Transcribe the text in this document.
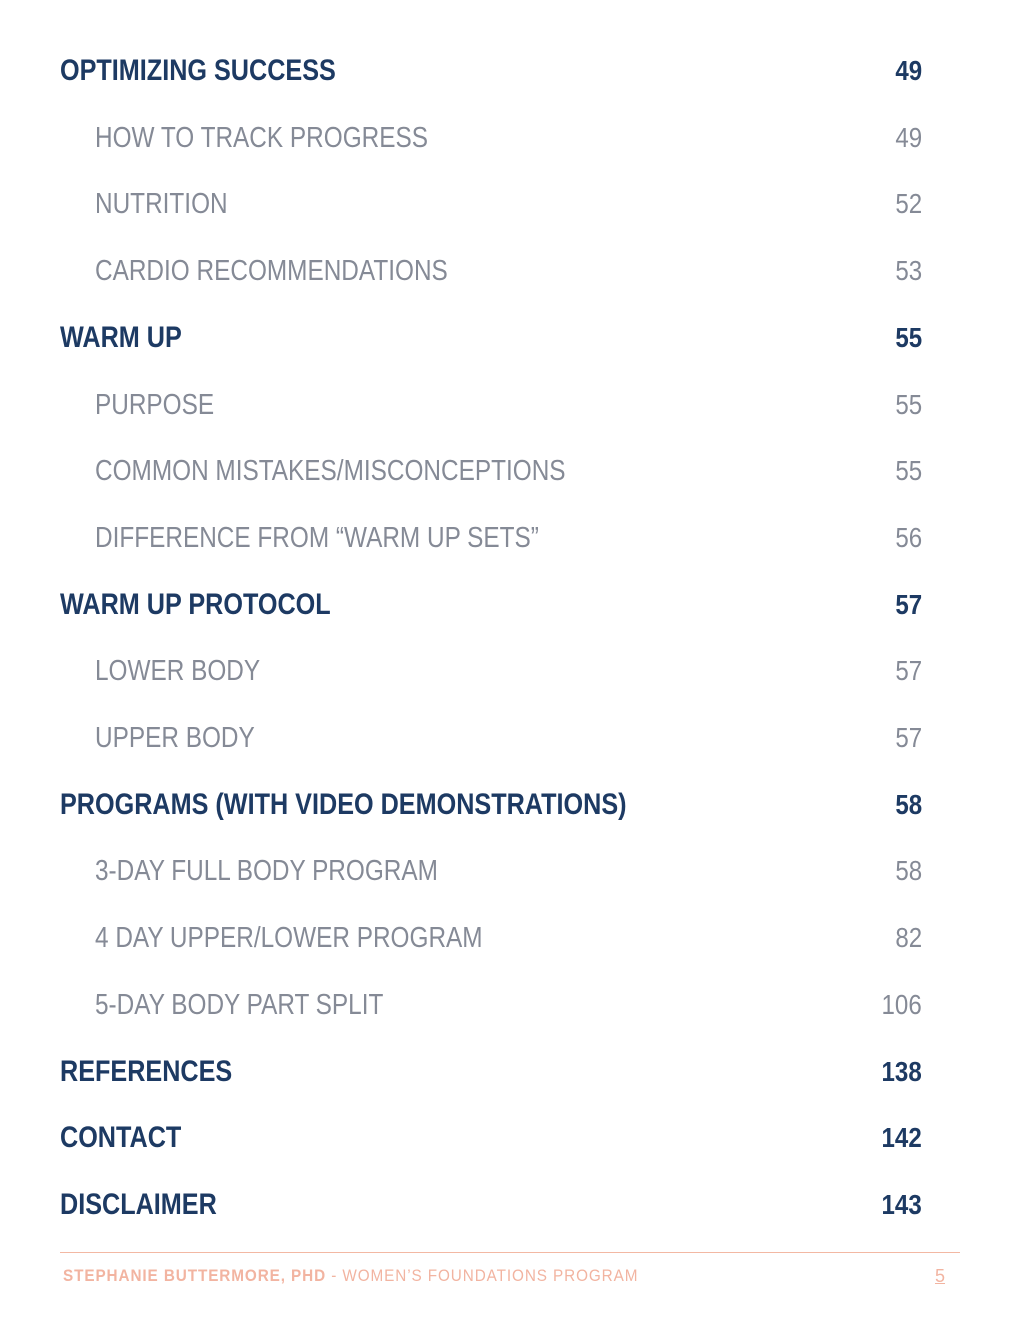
OPTIMIZING SUCCESS	49
HOW TO TRACK PROGRESS	49
NUTRITION	52
CARDIO RECOMMENDATIONS	53
WARM UP	55
PURPOSE	55
COMMON MISTAKES/MISCONCEPTIONS	55
DIFFERENCE FROM “WARM UP SETS”	56
WARM UP PROTOCOL	57
LOWER BODY	57
UPPER BODY	57
PROGRAMS (WITH VIDEO DEMONSTRATIONS)	58
3-DAY FULL BODY PROGRAM	58
4 DAY UPPER/LOWER PROGRAM	82
5-DAY BODY PART SPLIT	106
REFERENCES	138
CONTACT	142
DISCLAIMER	143
STEPHANIE BUTTERMORE, PHD - WOMEN’S FOUNDATIONS PROGRAM	5
